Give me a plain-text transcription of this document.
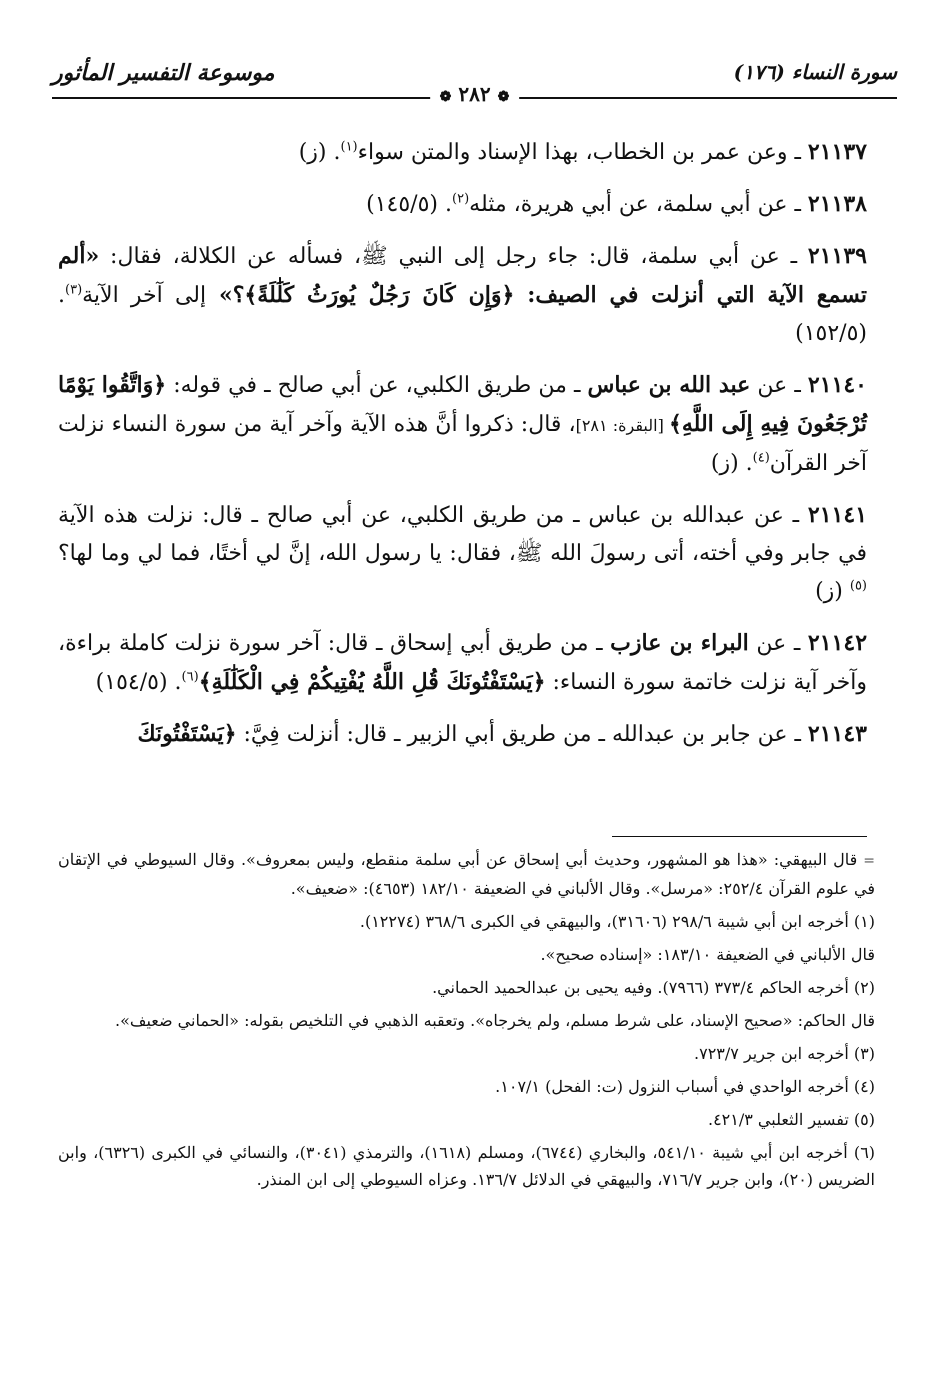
موسوعة التفسير المأثور	سورة النساء (١٧٦)
❁ ٢٨٢ ❁

٢١١٣٧ ـ وعن عمر بن الخطاب، بهذا الإسناد والمتن سواء$^{(١)}$. (ز)

٢١١٣٨ ـ عن أبي سلمة، عن أبي هريرة، مثله$^{(٢)}$. (١٤٥/٥)

٢١١٣٩ ـ عن أبي سلمة، قال: جاء رجل إلى النبي ﷺ، فسأله عن الكلالة، فقال: «ألم تسمع الآية التي أنزلت في الصيف: ﴿وَإِن كَانَ رَجُلٌ يُورَثُ كَلَٰلَةً﴾؟» إلى آخر الآية$^{(٣)}$. (١٥٢/٥)

٢١١٤٠ ـ عن عبد الله بن عباس ـ من طريق الكلبي، عن أبي صالح ـ في قوله: ﴿وَاتَّقُوا يَوْمًا تُرْجَعُونَ فِيهِ إِلَى اللَّهِ﴾ [البقرة: ٢٨١]، قال: ذكروا أنَّ هذه الآية وآخر آية من سورة النساء نزلت آخر القرآن$^{(٤)}$. (ز)

٢١١٤١ ـ عن عبدالله بن عباس ـ من طريق الكلبي، عن أبي صالح ـ قال: نزلت هذه الآية في جابر وفي أخته، أتى رسولَ الله ﷺ، فقال: يا رسول الله، إنَّ لي أختًا، فما لي وما لها؟$^{(٥)}$ (ز)

٢١١٤٢ ـ عن البراء بن عازب ـ من طريق أبي إسحاق ـ قال: آخر سورة نزلت كاملة براءة، وآخر آية نزلت خاتمة سورة النساء: ﴿يَسْتَفْتُونَكَ قُلِ اللَّهُ يُفْتِيكُمْ فِي الْكَلَٰلَةِ﴾$^{(٦)}$. (١٥٤/٥)

٢١١٤٣ ـ عن جابر بن عبدالله ـ من طريق أبي الزبير ـ قال: أنزلت فِيَّ: ﴿يَسْتَفْتُونَكَ

=قال البيهقي: «هذا هو المشهور، وحديث أبي إسحاق عن أبي سلمة منقطع، وليس بمعروف». وقال السيوطي في الإتقان في علوم القرآن ٢٥٢/٤: «مرسل». وقال الألباني في الضعيفة ١٨٢/١٠ (٤٦٥٣): «ضعيف».

(١) أخرجه ابن أبي شيبة ٢٩٨/٦ (٣١٦٠٦)، والبيهقي في الكبرى ٣٦٨/٦ (١٢٢٧٤).

قال الألباني في الضعيفة ١٨٣/١٠: «إسناده صحيح».

(٢) أخرجه الحاكم ٣٧٣/٤ (٧٩٦٦). وفيه يحيى بن عبدالحميد الحماني.

قال الحاكم: «صحيح الإسناد، على شرط مسلم، ولم يخرجاه». وتعقبه الذهبي في التلخيص بقوله: «الحماني ضعيف».

(٣) أخرجه ابن جرير ٧٢٣/٧.

(٤) أخرجه الواحدي في أسباب النزول (ت: الفحل) ١٠٧/١.

(٥) تفسير الثعلبي ٤٢١/٣.

(٦) أخرجه ابن أبي شيبة ٥٤١/١٠، والبخاري (٦٧٤٤)، ومسلم (١٦١٨)، والترمذي (٣٠٤١)، والنسائي في الكبرى (٦٣٢٦)، وابن الضريس (٢٠)، وابن جرير ٧١٦/٧، والبيهقي في الدلائل ١٣٦/٧. وعزاه السيوطي إلى ابن المنذر.
